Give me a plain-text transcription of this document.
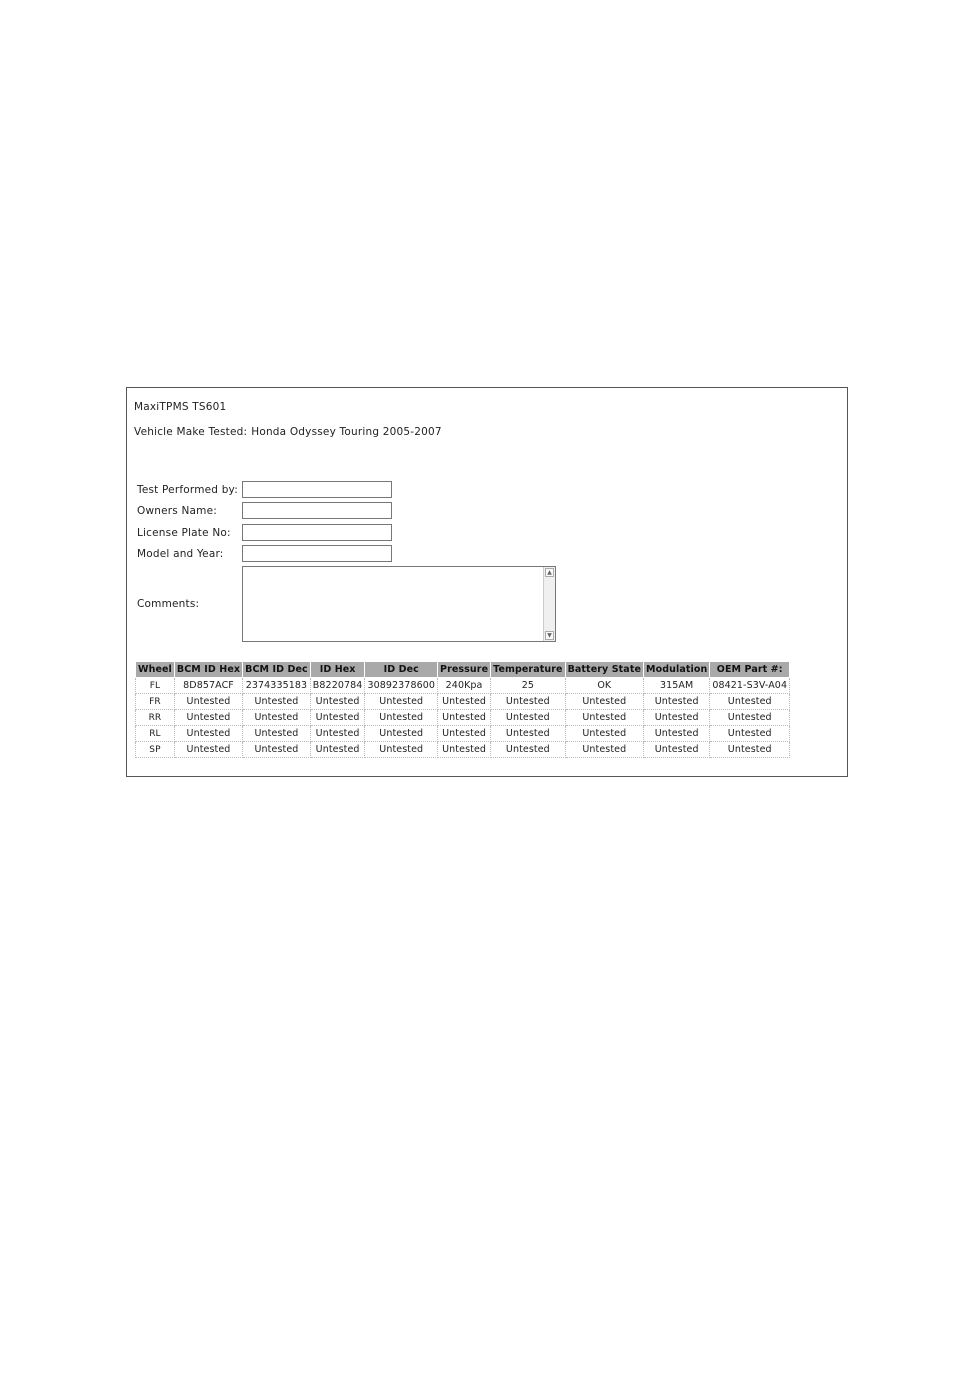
MaxiTPMS TS601
Vehicle Make Tested: Honda Odyssey Touring 2005-2007
Test Performed by:
Owners Name:
License Plate No:
Model and Year:
Comments:
▲
▼
Wheel	BCM ID Hex	BCM ID Dec	ID Hex	ID Dec	Pressure	Temperature	Battery State	Modulation	OEM Part #:
FL	8D857ACF	2374335183	B8220784	30892378600	240Kpa	25	OK	315AM	08421-S3V-A04
FR	Untested	Untested	Untested	Untested	Untested	Untested	Untested	Untested	Untested
RR	Untested	Untested	Untested	Untested	Untested	Untested	Untested	Untested	Untested
RL	Untested	Untested	Untested	Untested	Untested	Untested	Untested	Untested	Untested
SP	Untested	Untested	Untested	Untested	Untested	Untested	Untested	Untested	Untested
